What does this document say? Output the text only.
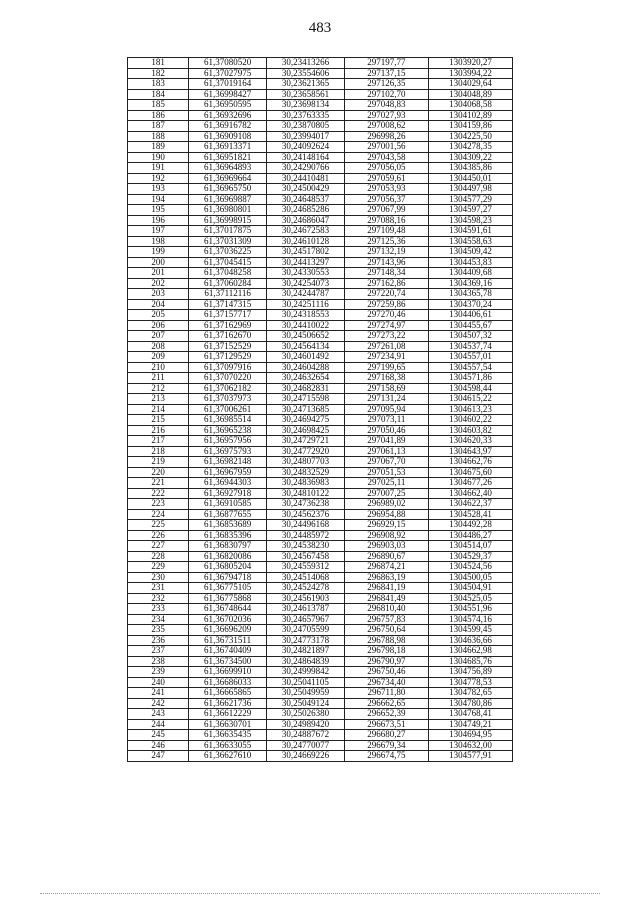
483
181	61,37080520	30,23413266	297197,77	1303920,27
182	61,37027975	30,23554606	297137,15	1303994,22
183	61,37019164	30,23621365	297126,35	1304029,64
184	61,36998427	30,23658561	297102,70	1304048,89
185	61,36950595	30,23698134	297048,83	1304068,58
186	61,36932696	30,23763335	297027,93	1304102,89
187	61,36916782	30,23870805	297008,62	1304159,86
188	61,36909108	30,23994017	296998,26	1304225,50
189	61,36913371	30,24092624	297001,56	1304278,35
190	61,36951821	30,24148164	297043,58	1304309,22
191	61,36964893	30,24290766	297056,05	1304385,86
192	61,36969664	30,24410481	297059,61	1304450,01
193	61,36965750	30,24500429	297053,93	1304497,98
194	61,36969887	30,24648537	297056,37	1304577,29
195	61,36980801	30,24685286	297067,99	1304597,27
196	61,36998915	30,24686047	297088,16	1304598,23
197	61,37017875	30,24672583	297109,48	1304591,61
198	61,37031309	30,24610128	297125,36	1304558,63
199	61,37036225	30,24517802	297132,19	1304509,42
200	61,37045415	30,24413297	297143,96	1304453,83
201	61,37048258	30,24330553	297148,34	1304409,68
202	61,37060284	30,24254073	297162,86	1304369,16
203	61,37112116	30,24244787	297220,74	1304365,78
204	61,37147315	30,24251116	297259,86	1304370,24
205	61,37157717	30,24318553	297270,46	1304406,61
206	61,37162969	30,24410022	297274,97	1304455,67
207	61,37162670	30,24506652	297273,22	1304507,32
208	61,37152529	30,24564134	297261,08	1304537,74
209	61,37129529	30,24601492	297234,91	1304557,01
210	61,37097916	30,24604288	297199,65	1304557,54
211	61,37070220	30,24632654	297168,38	1304571,86
212	61,37062182	30,24682831	297158,69	1304598,44
213	61,37037973	30,24715598	297131,24	1304615,22
214	61,37006261	30,24713685	297095,94	1304613,23
215	61,36985514	30,24694275	297073,11	1304602,22
216	61,36965238	30,24698425	297050,46	1304603,82
217	61,36957956	30,24729721	297041,89	1304620,33
218	61,36975793	30,24772920	297061,13	1304643,97
219	61,36982148	30,24807703	297067,70	1304662,76
220	61,36967959	30,24832529	297051,53	1304675,60
221	61,36944303	30,24836983	297025,11	1304677,26
222	61,36927918	30,24810122	297007,25	1304662,40
223	61,36910585	30,24736238	296989,02	1304622,37
224	61,36877655	30,24562376	296954,88	1304528,41
225	61,36853689	30,24496168	296929,15	1304492,28
226	61,36835396	30,24485972	296908,92	1304486,27
227	61,36830797	30,24538230	296903,03	1304514,07
228	61,36820086	30,24567458	296890,67	1304529,37
229	61,36805204	30,24559312	296874,21	1304524,56
230	61,36794718	30,24514068	296863,19	1304500,05
231	61,36775105	30,24524278	296841,19	1304504,91
232	61,36775868	30,24561903	296841,49	1304525,05
233	61,36748644	30,24613787	296810,40	1304551,96
234	61,36702036	30,24657967	296757,83	1304574,16
235	61,36696209	30,24705599	296750,64	1304599,45
236	61,36731511	30,24773178	296788,98	1304636,66
237	61,36740409	30,24821897	296798,18	1304662,98
238	61,36734500	30,24864839	296790,97	1304685,76
239	61,36699910	30,24999842	296750,46	1304756,89
240	61,36686033	30,25041105	296734,40	1304778,53
241	61,36665865	30,25049959	296711,80	1304782,65
242	61,36621736	30,25049124	296662,65	1304780,86
243	61,36612229	30,25026380	296652,39	1304768,41
244	61,36630701	30,24989420	296673,51	1304749,21
245	61,36635435	30,24887672	296680,27	1304694,95
246	61,36633055	30,24770077	296679,34	1304632,00
247	61,36627610	30,24669226	296674,75	1304577,91
